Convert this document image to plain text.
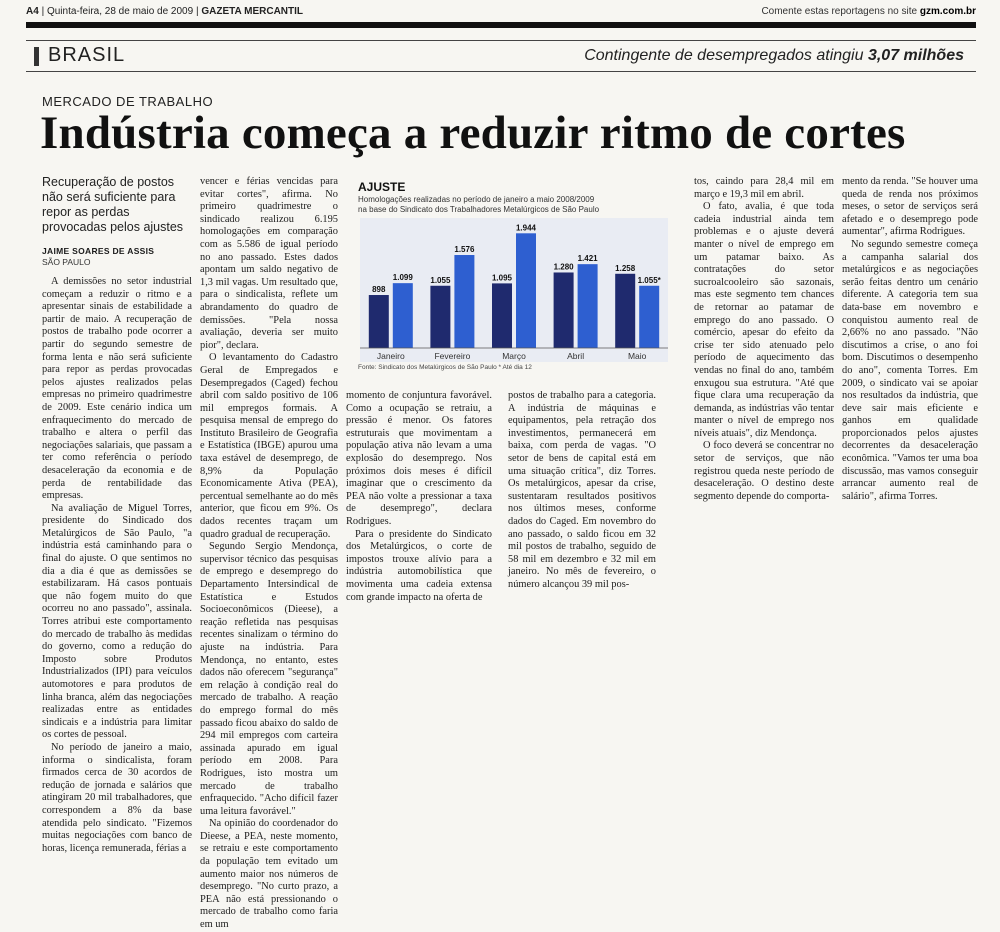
A4 | Quinta-feira, 28 de maio de 2009 | GAZETA MERCANTIL	Comente estas reportagens no site gzm.com.br
BRASIL	Contingente de desempregados atingiu 3,07 milhões
MERCADO DE TRABALHO
Indústria começa a reduzir ritmo de cortes
Recuperação de postos não será suficiente para repor as perdas provocadas pelos ajustes
JAIME SOARES DE ASSIS
SÃO PAULO

A demissões no setor industrial começam a reduzir o ritmo e a apresentar sinais de estabilidade a partir de maio. A recuperação de postos de trabalho pode ocorrer a partir do segundo semestre de forma lenta e não será suficiente para repor as perdas provocadas pelos ajustes realizados pelas empresas no primeiro quadrimestre de 2009. Este cenário indica um enfraquecimento do mercado de trabalho e altera o perfil das negociações salariais, que passam a ter como referência o período desaceleração da economia e de perda de rentabilidade das empresas.

Na avaliação de Miguel Torres, presidente do Sindicado dos Metalúrgicos de São Paulo, "a indústria está caminhando para o final do ajuste. O que sentimos no dia a dia é que as demissões se estabilizaram. Há casos pontuais que não fogem muito do que ocorreu no ano passado", assinala. Torres atribui este comportamento do mercado de trabalho às medidas do governo, como a redução do Imposto sobre Produtos Industrializados (IPI) para veículos automotores e para produtos de linha branca, além das negociações realizadas entre as entidades sindicais e a indústria para limitar os cortes de pessoal.

No período de janeiro a maio, informa o sindicalista, foram firmados cerca de 30 acordos de redução de jornada e salários que atingiram 20 mil trabalhadores, que correspondem a 8% da base atendida pelo sindicato. "Fizemos muitas negociações com banco de horas, licença remunerada, férias a

vencer e férias vencidas para evitar cortes", afirma. No primeiro quadrimestre o sindicado realizou 6.195 homologações em comparação com as 5.586 de igual período no ano passado. Estes dados apontam um saldo negativo de 1,3 mil vagas. Um resultado que, para o sindicalista, reflete um abrandamento do quadro de demissões. "Pela nossa avaliação, deveria ser muito pior", declara.

O levantamento do Cadastro Geral de Empregados e Desempregados (Caged) fechou abril com saldo positivo de 106 mil empregos formais. A pesquisa mensal de emprego do Instituto Brasileiro de Geografia e Estatística (IBGE) apurou uma taxa estável de desemprego, de 8,9% da População Economicamente Ativa (PEA), percentual semelhante ao do mês anterior, que ficou em 9%. Os dados recentes traçam um quadro gradual de recuperação.

Segundo Sergio Mendonça, supervisor técnico das pesquisas de emprego e desemprego do Departamento Intersindical de Estatística e Estudos Socioeconômicos (Dieese), a reação refletida nas pesquisas recentes sinalizam o término do ajuste na indústria. Para Mendonça, no entanto, estes dados não oferecem "segurança" em relação à condição real do mercado de trabalho. A reação do emprego formal do mês passado ficou abaixo do saldo de 294 mil empregos com carteira assinada apurado em igual período em 2008. Para Rodrigues, isto mostra um mercado de trabalho enfraquecido. "Acho difícil fazer uma leitura favorável."

Na opinião do coordenador do Dieese, a PEA, neste momento, se retraiu e este comportamento da população tem evitado um aumento maior nos números de desemprego. "No curto prazo, a PEA não está pressionando o mercado de trabalho como faria em um

momento de conjuntura favorável. Como a ocupação se retraiu, a pressão é menor. Os fatores estruturais que movimentam a população ativa não levam a uma explosão do desemprego. Nos próximos dois meses é difícil imaginar que o crescimento da PEA não volte a pressionar a taxa de desemprego", declara Rodrigues.

Para o presidente do Sindicato dos Metalúrgicos, o corte de impostos trouxe alívio para a indústria automobilística que movimenta uma cadeia extensa com grande impacto na oferta de

postos de trabalho para a categoria. A indústria de máquinas e equipamentos, pela retração dos investimentos, permanecerá em baixa, com perda de vagas. "O setor de bens de capital está em uma situação crítica", diz Torres. Os metalúrgicos, apesar da crise, sustentaram resultados positivos nos últimos meses, conforme dados do Caged. Em novembro do ano passado, o saldo ficou em 32 mil postos de trabalho, seguido de 58 mil em dezembro e 32 mil em janeiro. No mês de fevereiro, o número alcançou 39 mil pos-

tos, caindo para 28,4 mil em março e 19,3 mil em abril.

O fato, avalia, é que toda cadeia industrial ainda tem problemas e o ajuste deverá manter o nível de emprego em um patamar baixo. As contratações do setor sucroalcooleiro são sazonais, mas este segmento tem chances de retornar ao patamar de emprego do ano passado. O comércio, apesar do efeito da crise ter sido atenuado pelo período de aquecimento das vendas no final do ano, também enxugou sua estrutura. "Até que fique clara uma recuperação da demanda, as indústrias vão tentar manter o nível de emprego nos níveis atuais", diz Mendonça.

O foco deverá se concentrar no setor de serviços, que não registrou queda neste período de desaceleração. O destino deste segmento depende do comporta-

mento da renda. "Se houver uma queda de renda nos próximos meses, o setor de serviços será afetado e o desemprego pode aumentar", afirma Rodrigues.

No segundo semestre começa a campanha salarial dos metalúrgicos e as negociações serão feitas dentro um cenário diferente. A categoria tem sua data-base em novembro e conquistou aumento real de 2,66% no ano passado. "Não discutimos a crise, o ano foi bom. Discutimos o desempenho do ano", comenta Torres. Em 2009, o sindicato vai se apoiar nos resultados da indústria, que deve sair mais eficiente e ganhos em qualidade proporcionados pelos ajustes decorrentes da desaceleração econômica. "Vamos ter uma boa discussão, mas vamos conseguir arrancar aumento real de salário", afirma Torres.

AJUSTE
Homologações realizadas no período de janeiro a maio 2008/2009
na base do Sindicato dos Trabalhadores Metalúrgicos de São Paulo
898
1.099
Janeiro
1.055
1.576
Fevereiro
1.095
1.944
Março
1.280
1.421
Abril
1.258
1.055*
Maio
Fonte: Sindicato dos Metalúrgicos de São Paulo * Até dia 12
